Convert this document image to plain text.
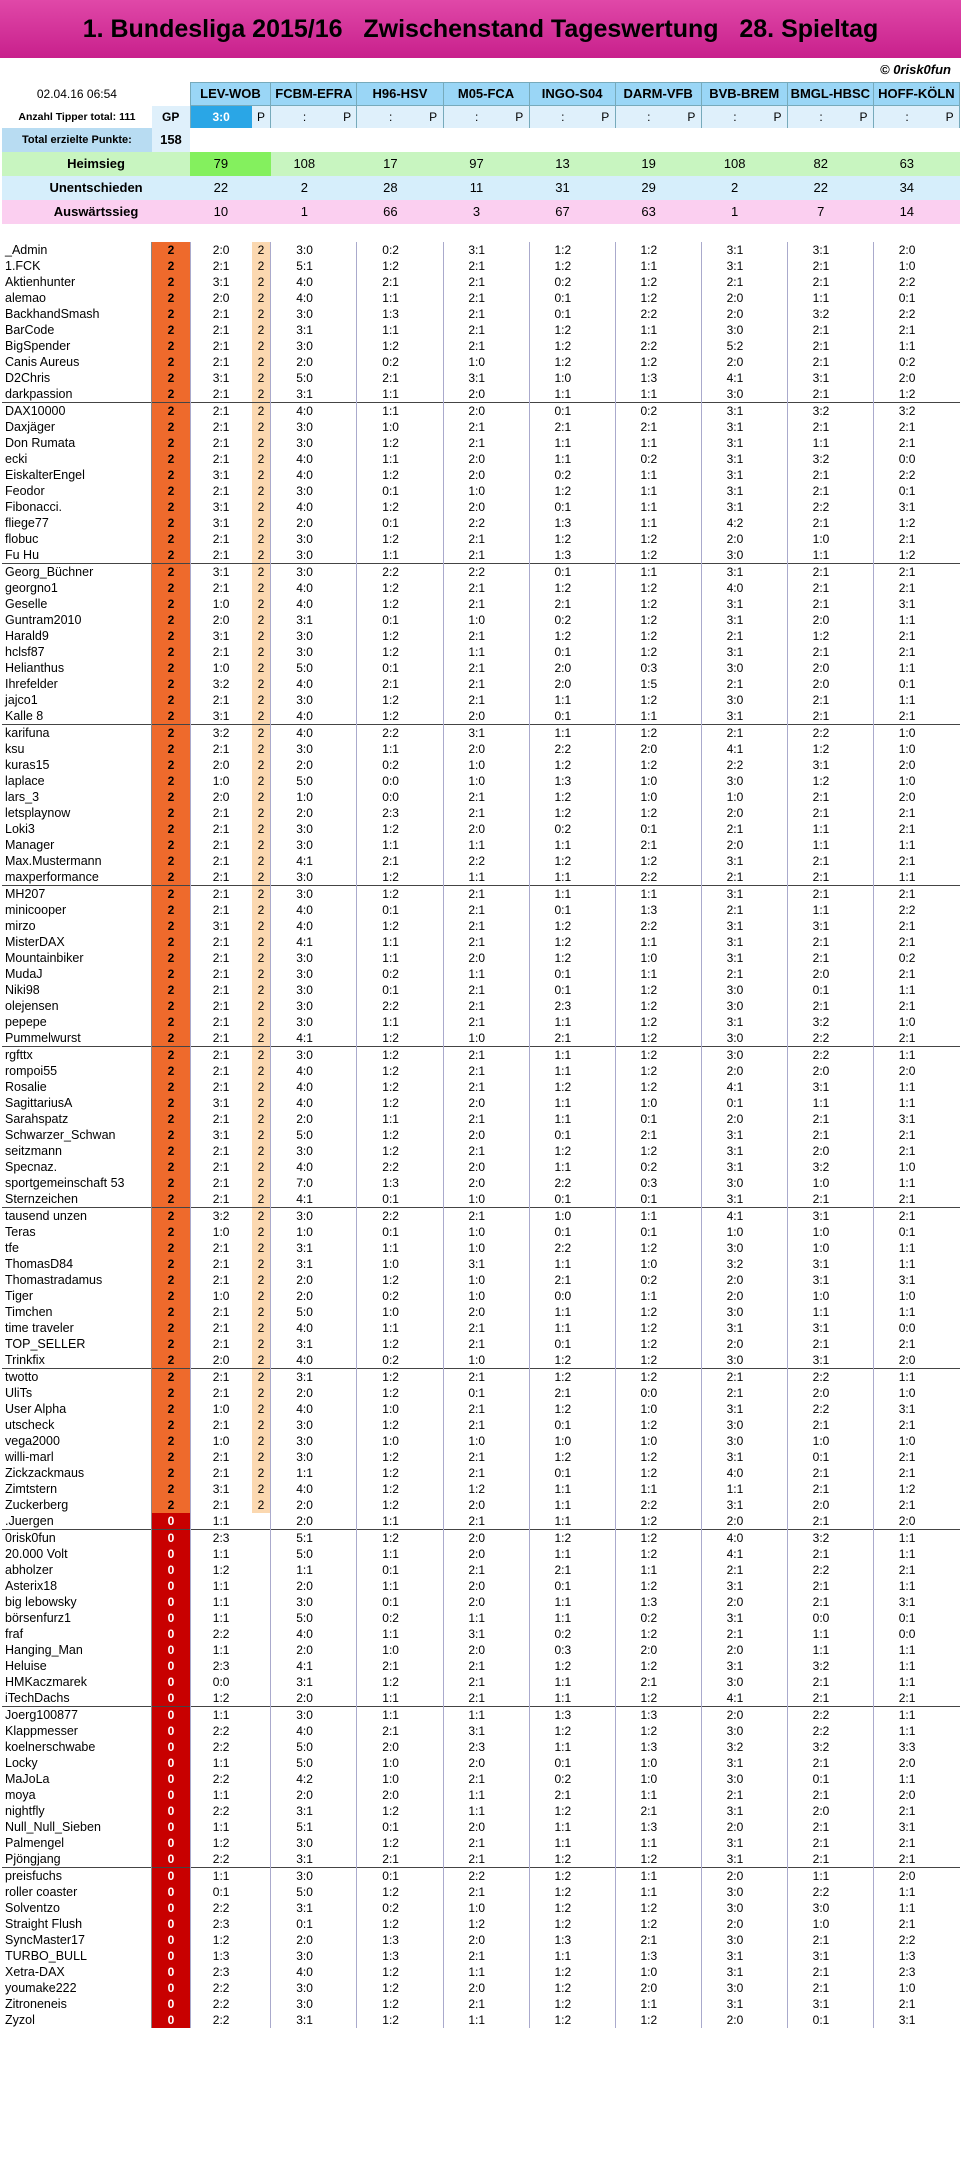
1. Bundesliga 2015/16   Zwischenstand Tageswertung   28. Spieltag
© 0risk0fun
02.04.16 06:54		LEV-WOB		FCBM-EFRA		H96-HSV		M05-FCA		INGO-S04		DARM-VFB		BVB-BREM		BMGL-HBSC		HOFF-KÖLN	
Anzahl Tipper total: 111	GP	3:0	P	:	P	:	P	:	P	:	P	:	P	:	P	:	P	:	P
Total erzielte Punkte:	158																		
Heimsieg		79		108		17		97		13		19		108		82		63	
Unentschieden		22		2		28		11		31		29		2		22		34	
Auswärtssieg		10		1		66		3		67		63		1		7		14	

_Admin	2	2:0	2	3:0		0:2		3:1		1:2		1:2		3:1		3:1		2:0	
1.FCK	2	2:1	2	5:1		1:2		2:1		1:2		1:1		3:1		2:1		1:0	
Aktienhunter	2	3:1	2	4:0		2:1		2:1		0:2		1:2		2:1		2:1		2:2	
alemao	2	2:0	2	4:0		1:1		2:1		0:1		1:2		2:0		1:1		0:1	
BackhandSmash	2	2:1	2	3:0		1:3		2:1		0:1		2:2		2:0		3:2		2:2	
BarCode	2	2:1	2	3:1		1:1		2:1		1:2		1:1		3:0		2:1		2:1	
BigSpender	2	2:1	2	3:0		1:2		2:1		1:2		2:2		5:2		2:1		1:1	
Canis Aureus	2	2:1	2	2:0		0:2		1:0		1:2		1:2		2:0		2:1		0:2	
D2Chris	2	3:1	2	5:0		2:1		3:1		1:0		1:3		4:1		3:1		2:0	
darkpassion	2	2:1	2	3:1		1:1		2:0		1:1		1:1		3:0		2:1		1:2	
DAX10000	2	2:1	2	4:0		1:1		2:0		0:1		0:2		3:1		3:2		3:2	
Daxjäger	2	2:1	2	3:0		1:0		2:1		2:1		2:1		3:1		2:1		2:1	
Don Rumata	2	2:1	2	3:0		1:2		2:1		1:1		1:1		3:1		1:1		2:1	
ecki	2	2:1	2	4:0		1:1		2:0		1:1		0:2		3:1		3:2		0:0	
EiskalterEngel	2	3:1	2	4:0		1:2		2:0		0:2		1:1		3:1		2:1		2:2	
Feodor	2	2:1	2	3:0		0:1		1:0		1:2		1:1		3:1		2:1		0:1	
Fibonacci.	2	3:1	2	4:0		1:2		2:0		0:1		1:1		3:1		2:2		3:1	
fliege77	2	3:1	2	2:0		0:1		2:2		1:3		1:1		4:2		2:1		1:2	
flobuc	2	2:1	2	3:0		1:2		2:1		1:2		1:2		2:0		1:0		2:1	
Fu Hu	2	2:1	2	3:0		1:1		2:1		1:3		1:2		3:0		1:1		1:2	
Georg_Büchner	2	3:1	2	3:0		2:2		2:2		0:1		1:1		3:1		2:1		2:1	
georgno1	2	2:1	2	4:0		1:2		2:1		1:2		1:2		4:0		2:1		2:1	
Geselle	2	1:0	2	4:0		1:2		2:1		2:1		1:2		3:1		2:1		3:1	
Guntram2010	2	2:0	2	3:1		0:1		1:0		0:2		1:2		3:1		2:0		1:1	
Harald9	2	3:1	2	3:0		1:2		2:1		1:2		1:2		2:1		1:2		2:1	
hclsf87	2	2:1	2	3:0		1:2		1:1		0:1		1:2		3:1		2:1		2:1	
Helianthus	2	1:0	2	5:0		0:1		2:1		2:0		0:3		3:0		2:0		1:1	
Ihrefelder	2	3:2	2	4:0		2:1		2:1		2:0		1:5		2:1		2:0		0:1	
jajco1	2	2:1	2	3:0		1:2		2:1		1:1		1:2		3:0		2:1		1:1	
Kalle 8	2	3:1	2	4:0		1:2		2:0		0:1		1:1		3:1		2:1		2:1	
karifuna	2	3:2	2	4:0		2:2		3:1		1:1		1:2		2:1		2:2		1:0	
ksu	2	2:1	2	3:0		1:1		2:0		2:2		2:0		4:1		1:2		1:0	
kuras15	2	2:0	2	2:0		0:2		1:0		1:2		1:2		2:2		3:1		2:0	
laplace	2	1:0	2	5:0		0:0		1:0		1:3		1:0		3:0		1:2		1:0	
lars_3	2	2:0	2	1:0		0:0		2:1		1:2		1:0		1:0		2:1		2:0	
letsplaynow	2	2:1	2	2:0		2:3		2:1		1:2		1:2		2:0		2:1		2:1	
Loki3	2	2:1	2	3:0		1:2		2:0		0:2		0:1		2:1		1:1		2:1	
Manager	2	2:1	2	3:0		1:1		1:1		1:1		2:1		2:0		1:1		1:1	
Max.Mustermann	2	2:1	2	4:1		2:1		2:2		1:2		1:2		3:1		2:1		2:1	
maxperformance	2	2:1	2	3:0		1:2		1:1		1:1		2:2		2:1		2:1		1:1	
MH207	2	2:1	2	3:0		1:2		2:1		1:1		1:1		3:1		2:1		2:1	
minicooper	2	2:1	2	4:0		0:1		2:1		0:1		1:3		2:1		1:1		2:2	
mirzo	2	3:1	2	4:0		1:2		2:1		1:2		2:2		3:1		3:1		2:1	
MisterDAX	2	2:1	2	4:1		1:1		2:1		1:2		1:1		3:1		2:1		2:1	
Mountainbiker	2	2:1	2	3:0		1:1		2:0		1:2		1:0		3:1		2:1		0:2	
MudaJ	2	2:1	2	3:0		0:2		1:1		0:1		1:1		2:1		2:0		2:1	
Niki98	2	2:1	2	3:0		0:1		2:1		0:1		1:2		3:0		0:1		1:1	
olejensen	2	2:1	2	3:0		2:2		2:1		2:3		1:2		3:0		2:1		2:1	
pepepe	2	2:1	2	3:0		1:1		2:1		1:1		1:2		3:1		3:2		1:0	
Pummelwurst	2	2:1	2	4:1		1:2		1:0		2:1		1:2		3:0		2:2		2:1	
rgfttx	2	2:1	2	3:0		1:2		2:1		1:1		1:2		3:0		2:2		1:1	
rompoi55	2	2:1	2	4:0		1:2		2:1		1:1		1:2		2:0		2:0		2:0	
Rosalie	2	2:1	2	4:0		1:2		2:1		1:2		1:2		4:1		3:1		1:1	
SagittariusA	2	3:1	2	4:0		1:2		2:0		1:1		1:0		0:1		1:1		1:1	
Sarahspatz	2	2:1	2	2:0		1:1		2:1		1:1		0:1		2:0		2:1		3:1	
Schwarzer_Schwan	2	3:1	2	5:0		1:2		2:0		0:1		2:1		3:1		2:1		2:1	
seitzmann	2	2:1	2	3:0		1:2		2:1		1:2		1:2		3:1		2:0		2:1	
Specnaz.	2	2:1	2	4:0		2:2		2:0		1:1		0:2		3:1		3:2		1:0	
sportgemeinschaft 53	2	2:1	2	7:0		1:3		2:0		2:2		0:3		3:0		1:0		1:1	
Sternzeichen	2	2:1	2	4:1		0:1		1:0		0:1		0:1		3:1		2:1		2:1	
tausend unzen	2	3:2	2	3:0		2:2		2:1		1:0		1:1		4:1		3:1		2:1	
Teras	2	1:0	2	1:0		0:1		1:0		0:1		0:1		1:0		1:0		0:1	
tfe	2	2:1	2	3:1		1:1		1:0		2:2		1:2		3:0		1:0		1:1	
ThomasD84	2	2:1	2	3:1		1:0		3:1		1:1		1:0		3:2		3:1		1:1	
Thomastradamus	2	2:1	2	2:0		1:2		1:0		2:1		0:2		2:0		3:1		3:1	
Tiger	2	1:0	2	2:0		0:2		1:0		0:0		1:1		2:0		1:0		1:0	
Timchen	2	2:1	2	5:0		1:0		2:0		1:1		1:2		3:0		1:1		1:1	
time traveler	2	2:1	2	4:0		1:1		2:1		1:1		1:2		3:1		3:1		0:0	
TOP_SELLER	2	2:1	2	3:1		1:2		2:1		0:1		1:2		2:0		2:1		2:1	
Trinkfix	2	2:0	2	4:0		0:2		1:0		1:2		1:2		3:0		3:1		2:0	
twotto	2	2:1	2	3:1		1:2		2:1		1:2		1:2		2:1		2:2		1:1	
UliTs	2	2:1	2	2:0		1:2		0:1		2:1		0:0		2:1		2:0		1:0	
User Alpha	2	1:0	2	4:0		1:0		2:1		1:2		1:0		3:1		2:2		3:1	
utscheck	2	2:1	2	3:0		1:2		2:1		0:1		1:2		3:0		2:1		2:1	
vega2000	2	1:0	2	3:0		1:0		1:0		1:0		1:0		3:0		1:0		1:0	
willi-marl	2	2:1	2	3:0		1:2		2:1		1:2		1:2		3:1		0:1		2:1	
Zickzackmaus	2	2:1	2	1:1		1:2		2:1		0:1		1:2		4:0		2:1		2:1	
Zimtstern	2	3:1	2	4:0		1:2		1:2		1:1		1:1		1:1		2:1		1:2	
Zuckerberg	2	2:1	2	2:0		1:2		2:0		1:1		2:2		3:1		2:0		2:1	
.Juergen	0	1:1		2:0		1:1		2:1		1:1		1:2		2:0		2:1		2:0	
0risk0fun	0	2:3		5:1		1:2		2:0		1:2		1:2		4:0		3:2		1:1	
20.000 Volt	0	1:1		5:0		1:1		2:0		1:1		1:2		4:1		2:1		1:1	
abholzer	0	1:2		1:1		0:1		2:1		2:1		1:1		2:1		2:2		2:1	
Asterix18	0	1:1		2:0		1:1		2:0		0:1		1:2		3:1		2:1		1:1	
big lebowsky	0	1:1		3:0		0:1		2:0		1:1		1:3		2:0		2:1		3:1	
börsenfurz1	0	1:1		5:0		0:2		1:1		1:1		0:2		3:1		0:0		0:1	
fraf	0	2:2		4:0		1:1		3:1		0:2		1:2		2:1		1:1		0:0	
Hanging_Man	0	1:1		2:0		1:0		2:0		0:3		2:0		2:0		1:1		1:1	
Heluise	0	2:3		4:1		2:1		2:1		1:2		1:2		3:1		3:2		1:1	
HMKaczmarek	0	0:0		3:1		1:2		2:1		1:1		2:1		3:0		2:1		1:1	
iTechDachs	0	1:2		2:0		1:1		2:1		1:1		1:2		4:1		2:1		2:1	
Joerg100877	0	1:1		3:0		1:1		1:1		1:3		1:3		2:0		2:2		1:1	
Klappmesser	0	2:2		4:0		2:1		3:1		1:2		1:2		3:0		2:2		1:1	
koelnerschwabe	0	2:2		5:0		2:0		2:3		1:1		1:3		3:2		3:2		3:3	
Locky	0	1:1		5:0		1:0		2:0		0:1		1:0		3:1		2:1		2:0	
MaJoLa	0	2:2		4:2		1:0		2:1		0:2		1:0		3:0		0:1		1:1	
moya	0	1:1		2:0		2:0		1:1		2:1		1:1		2:1		2:1		2:0	
nightfly	0	2:2		3:1		1:2		1:1		1:2		2:1		3:1		2:0		2:1	
Null_Null_Sieben	0	1:1		5:1		0:1		2:0		1:1		1:3		2:0		2:1		3:1	
Palmengel	0	1:2		3:0		1:2		2:1		1:1		1:1		3:1		2:1		2:1	
Pjöngjang	0	2:2		3:1		2:1		2:1		1:2		1:2		3:1		2:1		2:1	
preisfuchs	0	1:1		3:0		0:1		2:2		1:2		1:1		2:0		1:1		2:0	
roller coaster	0	0:1		5:0		1:2		2:1		1:2		1:1		3:0		2:2		1:1	
Solventzo	0	2:2		3:1		0:2		1:0		1:2		1:2		3:0		3:0		1:1	
Straight Flush	0	2:3		0:1		1:2		1:2		1:2		1:2		2:0		1:0		2:1	
SyncMaster17	0	1:2		2:0		1:3		2:0		1:3		2:1		3:0		2:1		2:2	
TURBO_BULL	0	1:3		3:0		1:3		2:1		1:1		1:3		3:1		3:1		1:3	
Xetra-DAX	0	2:3		4:0		1:2		1:1		1:2		1:0		3:1		2:1		2:3	
youmake222	0	2:2		3:0		1:2		2:0		1:2		2:0		3:0		2:1		1:0	
Zitroneneis	0	2:2		3:0		1:2		2:1		1:2		1:1		3:1		3:1		2:1	
Zyzol	0	2:2		3:1		1:2		1:1		1:2		1:2		2:0		0:1		3:1	
